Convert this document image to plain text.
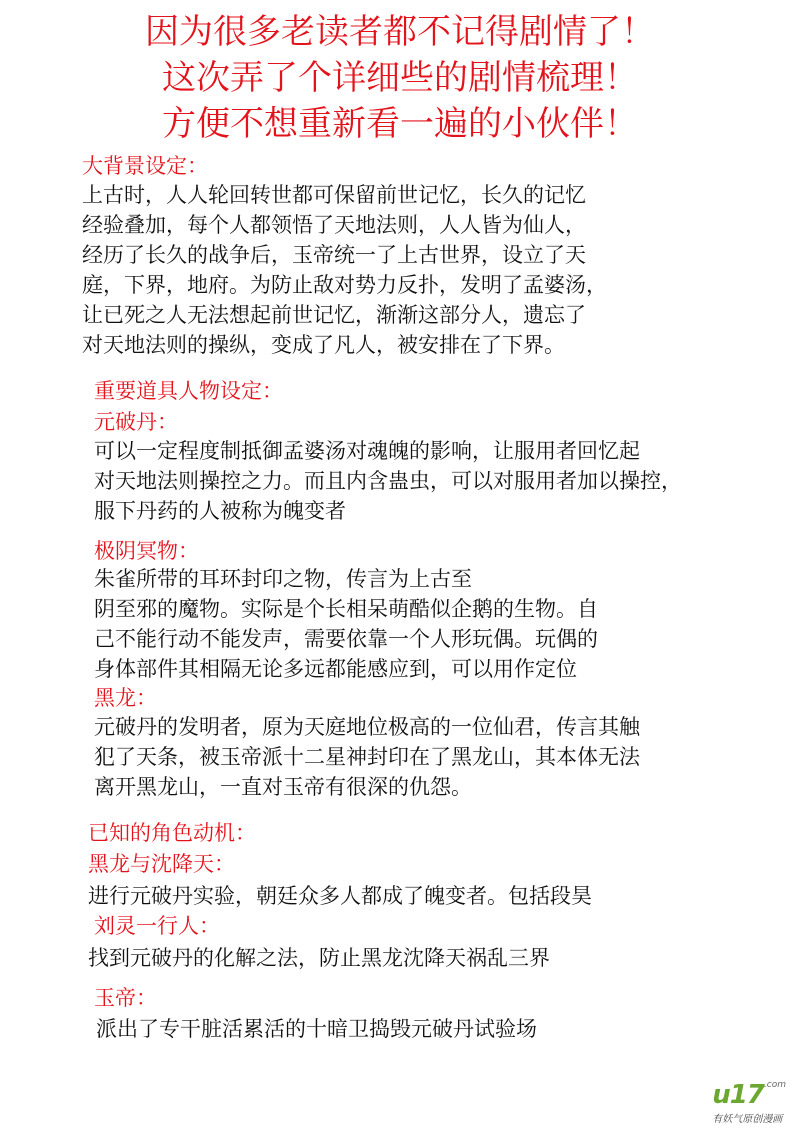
因为很多老读者都不记得剧情了！
这次弄了个详细些的剧情梳理！
方便不想重新看一遍的小伙伴！
大背景设定：
上古时，人人轮回转世都可保留前世记忆，长久的记忆
经验叠加，每个人都领悟了天地法则，人人皆为仙人，
经历了长久的战争后，玉帝统一了上古世界，设立了天
庭，下界，地府。为防止敌对势力反扑，发明了孟婆汤，
让已死之人无法想起前世记忆，渐渐这部分人，遗忘了
对天地法则的操纵，变成了凡人，被安排在了下界。
重要道具人物设定：
元破丹：
可以一定程度制抵御孟婆汤对魂魄的影响，让服用者回忆起
对天地法则操控之力。而且内含蛊虫，可以对服用者加以操控，
服下丹药的人被称为魄变者
极阴冥物：
朱雀所带的耳环封印之物，传言为上古至
阴至邪的魔物。实际是个长相呆萌酷似企鹅的生物。自
己不能行动不能发声，需要依靠一个人形玩偶。玩偶的
身体部件其相隔无论多远都能感应到，可以用作定位
黑龙：
元破丹的发明者，原为天庭地位极高的一位仙君，传言其触
犯了天条，被玉帝派十二星神封印在了黑龙山，其本体无法
离开黑龙山，一直对玉帝有很深的仇怨。
已知的角色动机：
黑龙与沈降天：
进行元破丹实验，朝廷众多人都成了魄变者。包括段昊
刘灵一行人：
找到元破丹的化解之法，防止黑龙沈降天祸乱三界
玉帝：
派出了专干脏活累活的十暗卫捣毁元破丹试验场
$u17^{.com}$
有妖气原创漫画
